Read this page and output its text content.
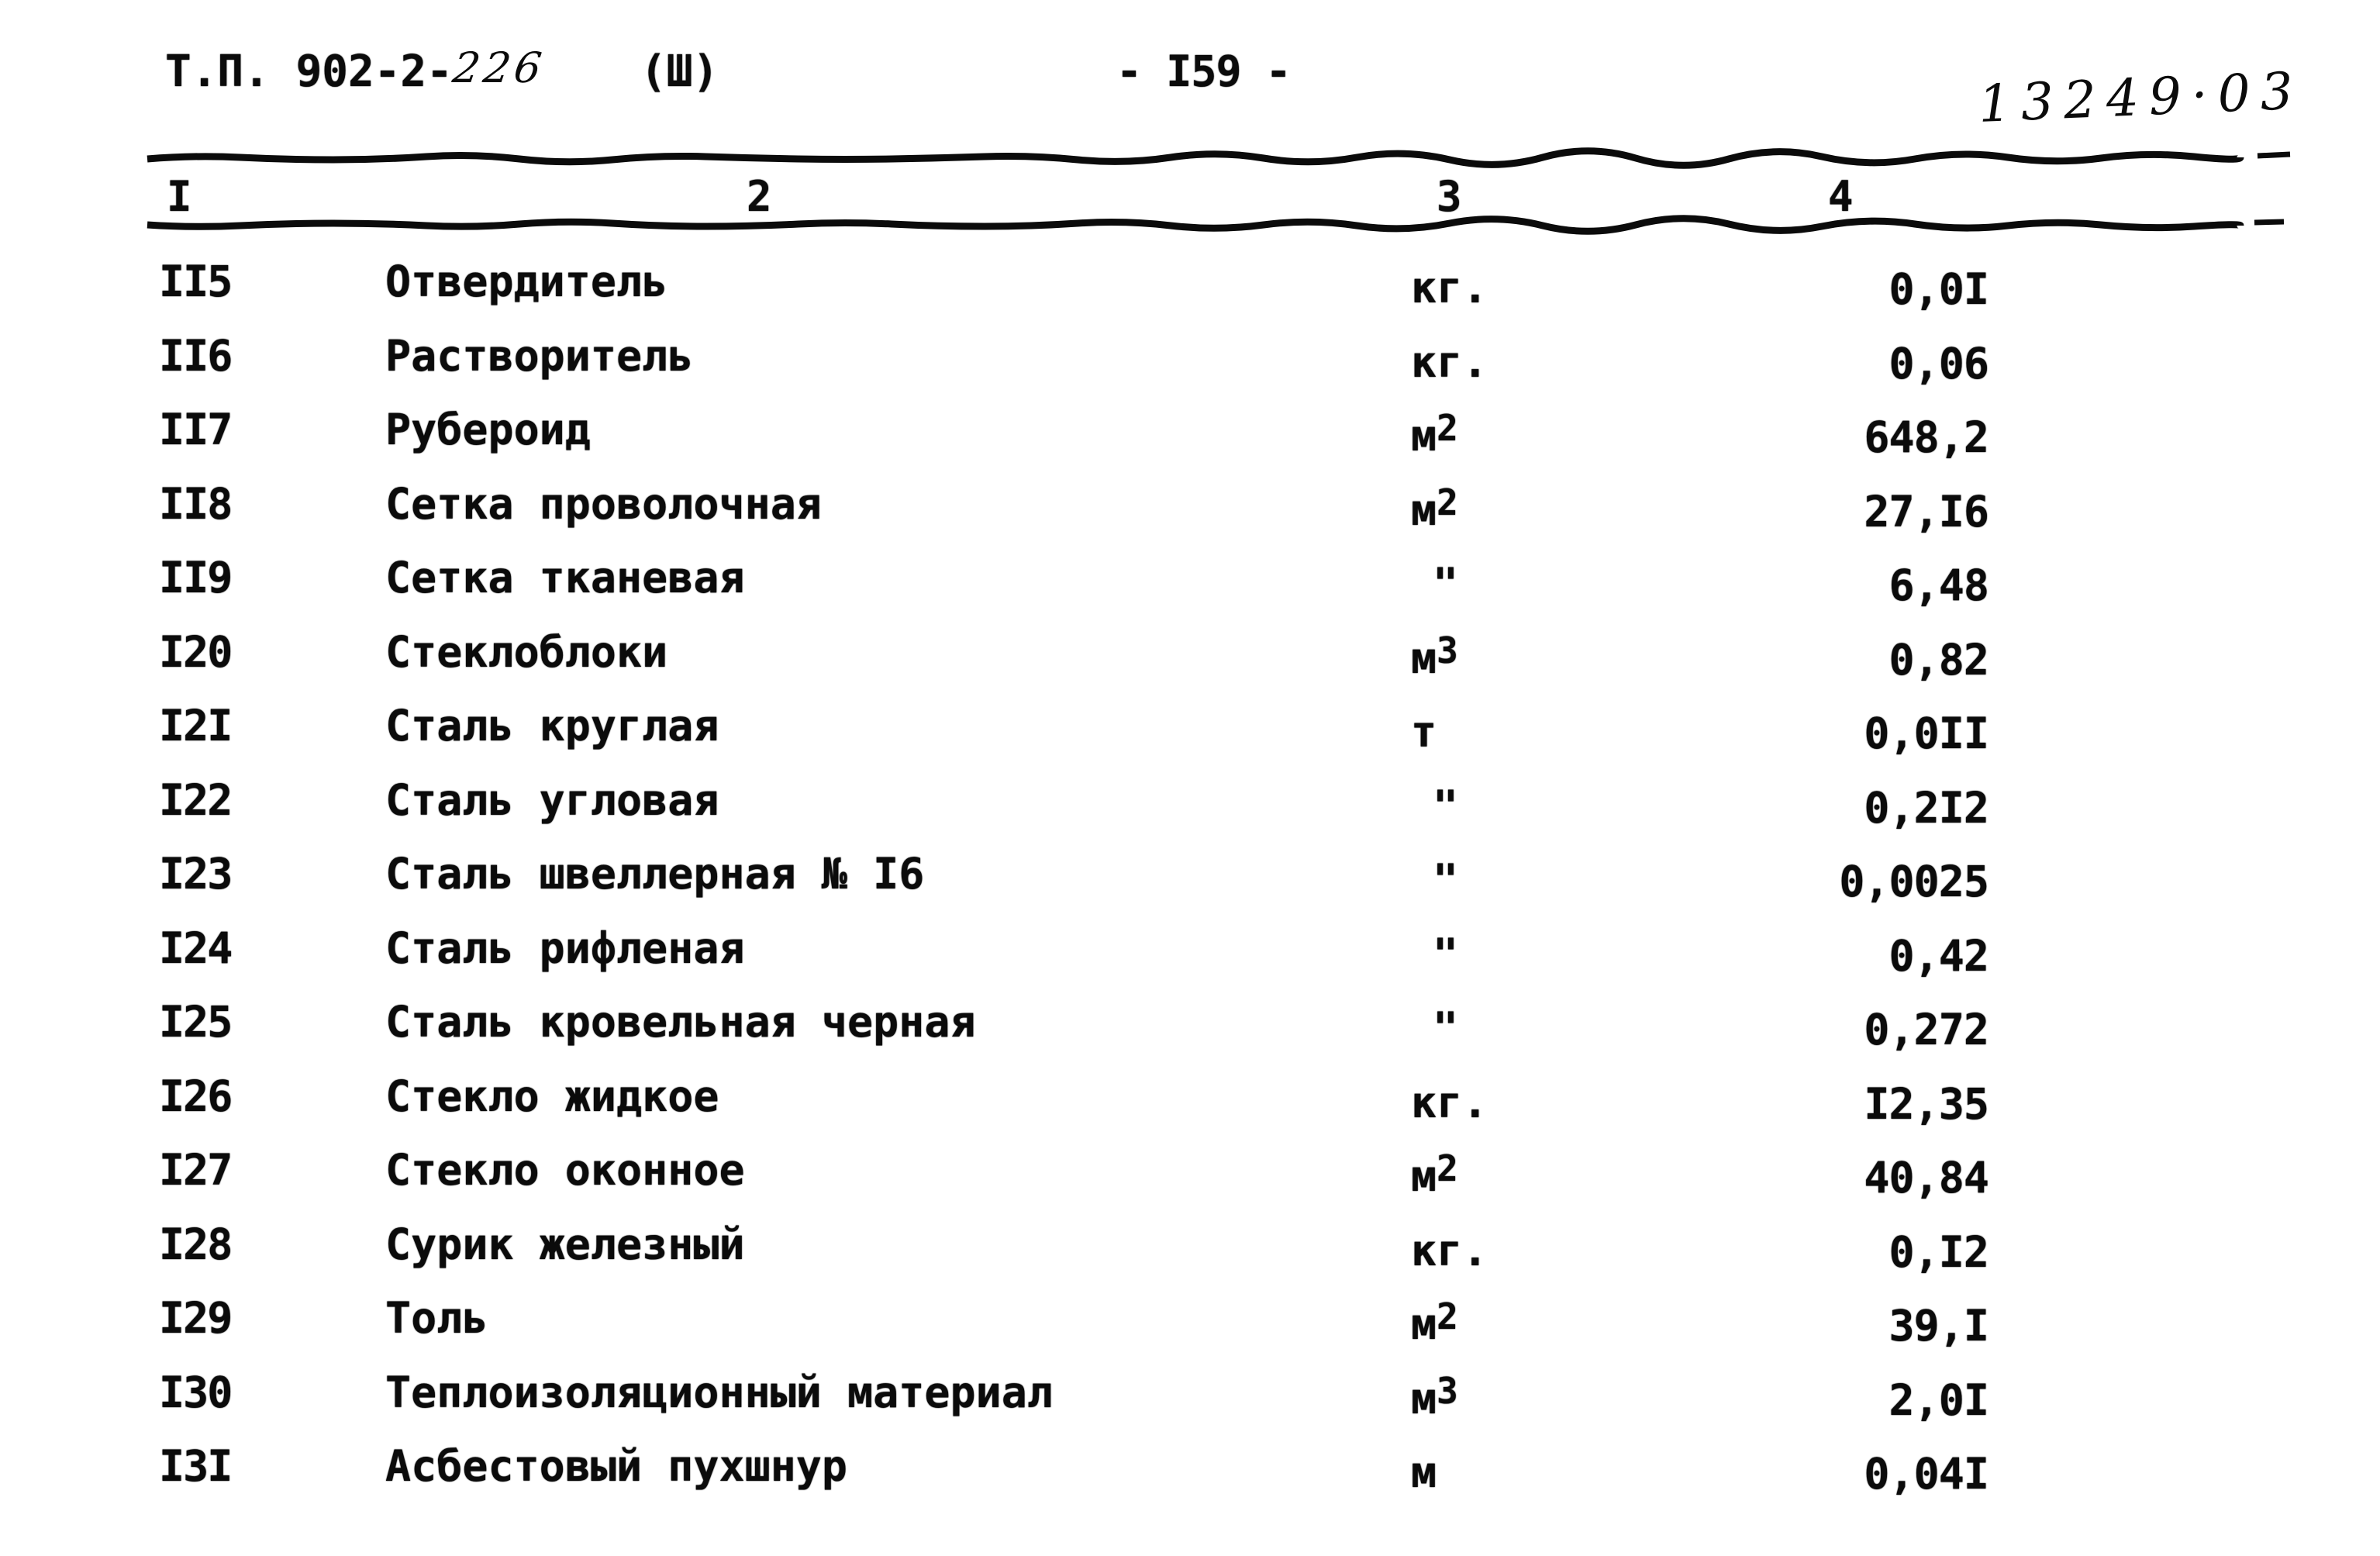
Т.П. 902-2-226 (Ш)	- I59 -	13249·03
I	2	3	4
II5	Отвердитель	кг.	0,0I
II6	Растворитель	кг.	0,06
II7	Рубероид	м2	648,2
II8	Сетка проволочная	м2	27,I6
II9	Сетка тканевая	"	6,48
I20	Стеклоблоки	м3	0,82
I2I	Сталь круглая	т	0,0II
I22	Сталь угловая	"	0,2I2
I23	Сталь швеллерная № I6	"	0,0025
I24	Сталь рифленая	"	0,42
I25	Сталь кровельная черная	"	0,272
I26	Стекло жидкое	кг.	I2,35
I27	Стекло оконное	м2	40,84
I28	Сурик железный	кг.	0,I2
I29	Толь	м2	39,I
I30	Теплоизоляционный материал	м3	2,0I
I3I	Асбестовый пухшнур	м	0,04I
